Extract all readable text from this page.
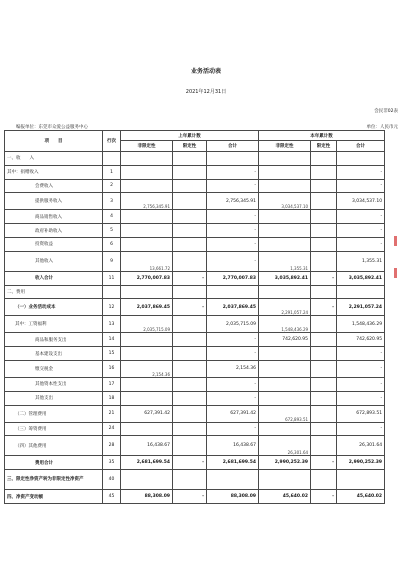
业务活动表
2021年12月31日
会民非02表
编报单位：东莞市众爱公益服务中心	单位：人民币元
项　　目	行次	上年累计数			本年累计数		
		非限定性	限定性	合计	非限定性	限定性	合计
一、收　　入							
其中：捐赠收入	1			-			-
会费收入	2			-			-
提供服务收入	3	2,756,345.91		2,756,345.91	3,034,537.10		3,034,537.10
商品销售收入	4			-			-
政府补助收入	5			-			-
投资收益	6			-			-
其他收入	9	13,661.72		-	1,355.31		1,355.31
收入合计	11	2,770,007.83	-	2,770,007.83	3,035,892.41	-	3,035,892.41
二、费用							
（一）业务活动成本	12	2,037,869.45	-	2,037,869.45	2,291,057.24	-	2,291,057.24
其中：工资福利	13	2,035,715.09		2,035,715.09	1,548,436.29		1,548,436.29
商品和服务支出	14			-	742,620.95		742,620.95
基本建设支出	15			-			-
缴交税金	16	2,154.36		2,154.36			-
其他资本性支出	17			-			-
其他支出	18			-			-
（二）管理费用	21	627,391.42		627,391.42	672,893.51		672,893.51
（三）筹资费用	24			-			-
（四）其他费用	28	16,438.67		16,438.67	26,301.64		26,301.64
费用合计	35	2,681,699.54	-	2,681,699.54	2,990,252.39	-	2,990,252.39
三、限定性净资产转为非限定性净资产	40						
四、净资产变动额	45	88,308.09	-	88,308.09	45,640.02	-	45,640.02
